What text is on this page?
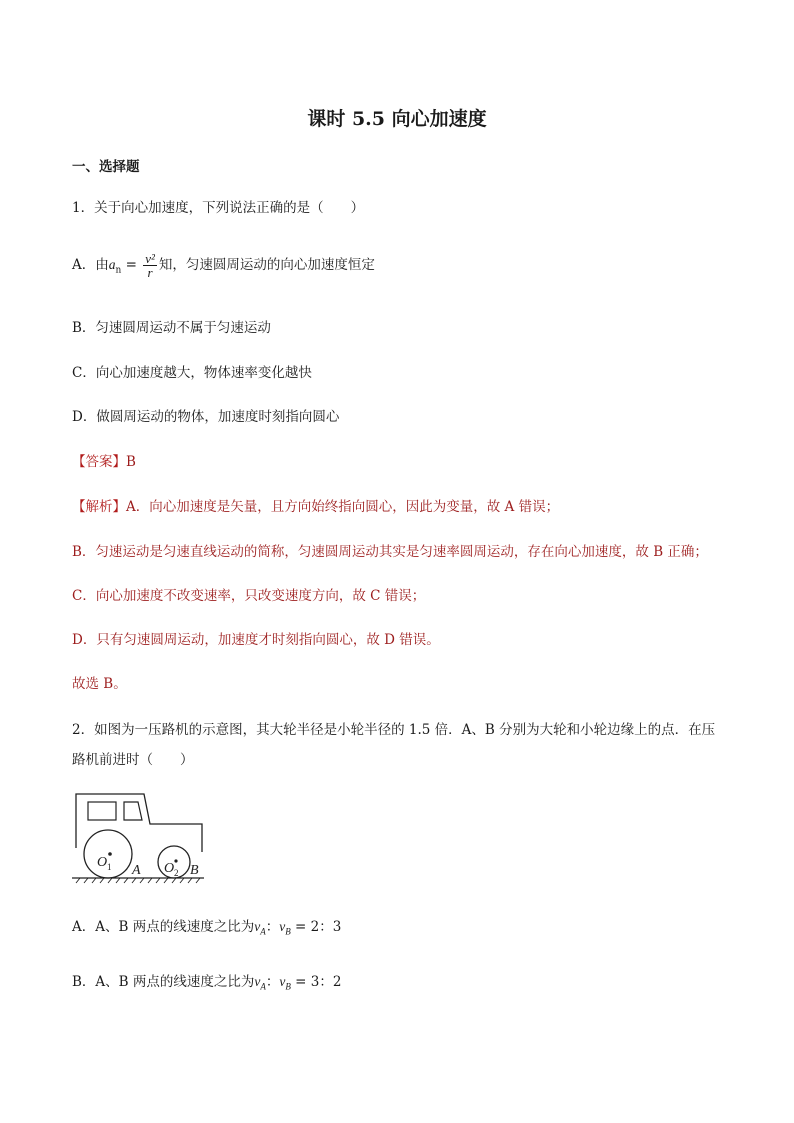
课时 5.5 向心加速度
一、选择题
1．关于向心加速度，下列说法正确的是（　　）
A．由$a_n = \frac{\text{v²}}{r}$ 知，匀速圆周运动的向心加速度恒定
B．匀速圆周运动不属于匀速运动
C．向心加速度越大，物体速率变化越快
D．做圆周运动的物体，加速度时刻指向圆心
【答案】B
【解析】A．向心加速度是矢量，且方向始终指向圆心，因此为变量，故 A 错误；
B．匀速运动是匀速直线运动的简称，匀速圆周运动其实是匀速率圆周运动，存在向心加速度，故 B 正确；
C．向心加速度不改变速率，只改变速度方向，故 C 错误；
D．只有匀速圆周运动，加速度才时刻指向圆心，故 D 错误。
故选 B。
2．如图为一压路机的示意图，其大轮半径是小轮半径的 1.5 倍．A、B 分别为大轮和小轮边缘上的点．在压
路机前进时（　　）
O 1 A O 2 B
A．A、B 两点的线速度之比为$v_A$：$v_B = 2$：3
B．A、B 两点的线速度之比为$v_A$：$v_B = 3$：2
